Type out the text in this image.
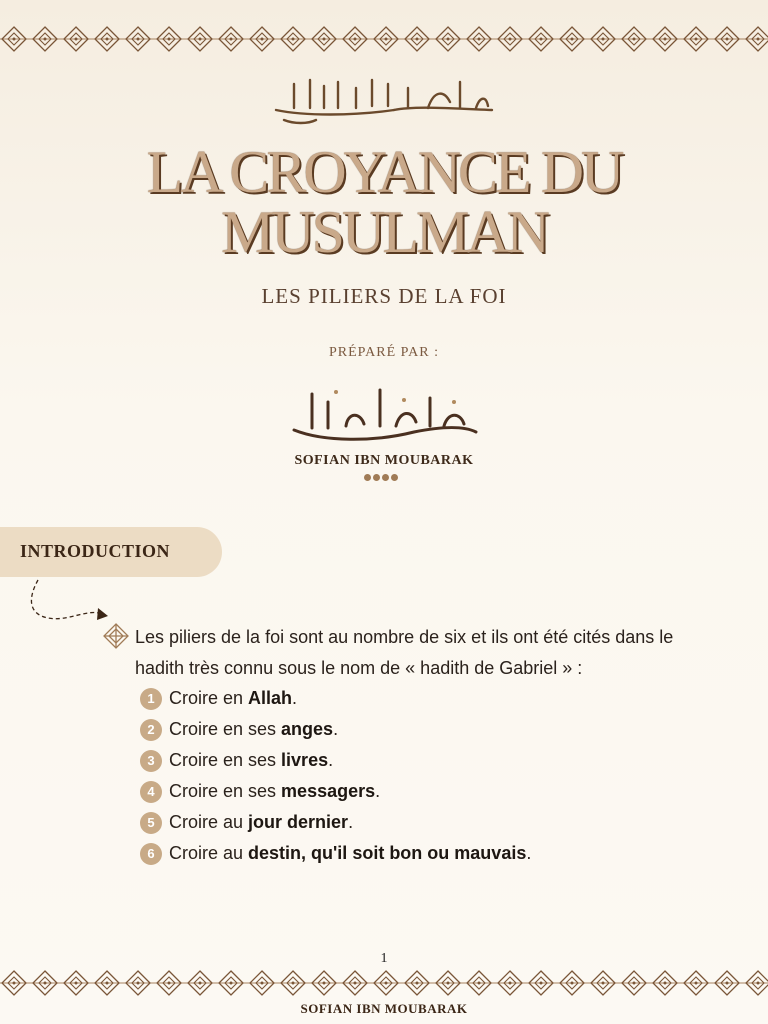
LA CROYANCE DU
MUSULMAN
LES PILIERS DE LA FOI
PRÉPARÉ PAR :
SOFIAN IBN MOUBARAK
INTRODUCTION
Les piliers de la foi sont au nombre de six et ils ont été cités dans le hadith très connu sous le nom de « hadith de Gabriel » :
1 Croire en Allah .
2 Croire en ses anges .
3 Croire en ses livres .
4 Croire en ses messagers .
5 Croire au jour dernier .
6 Croire au destin, qu'il soit bon ou mauvais .
1
SOFIAN IBN MOUBARAK
